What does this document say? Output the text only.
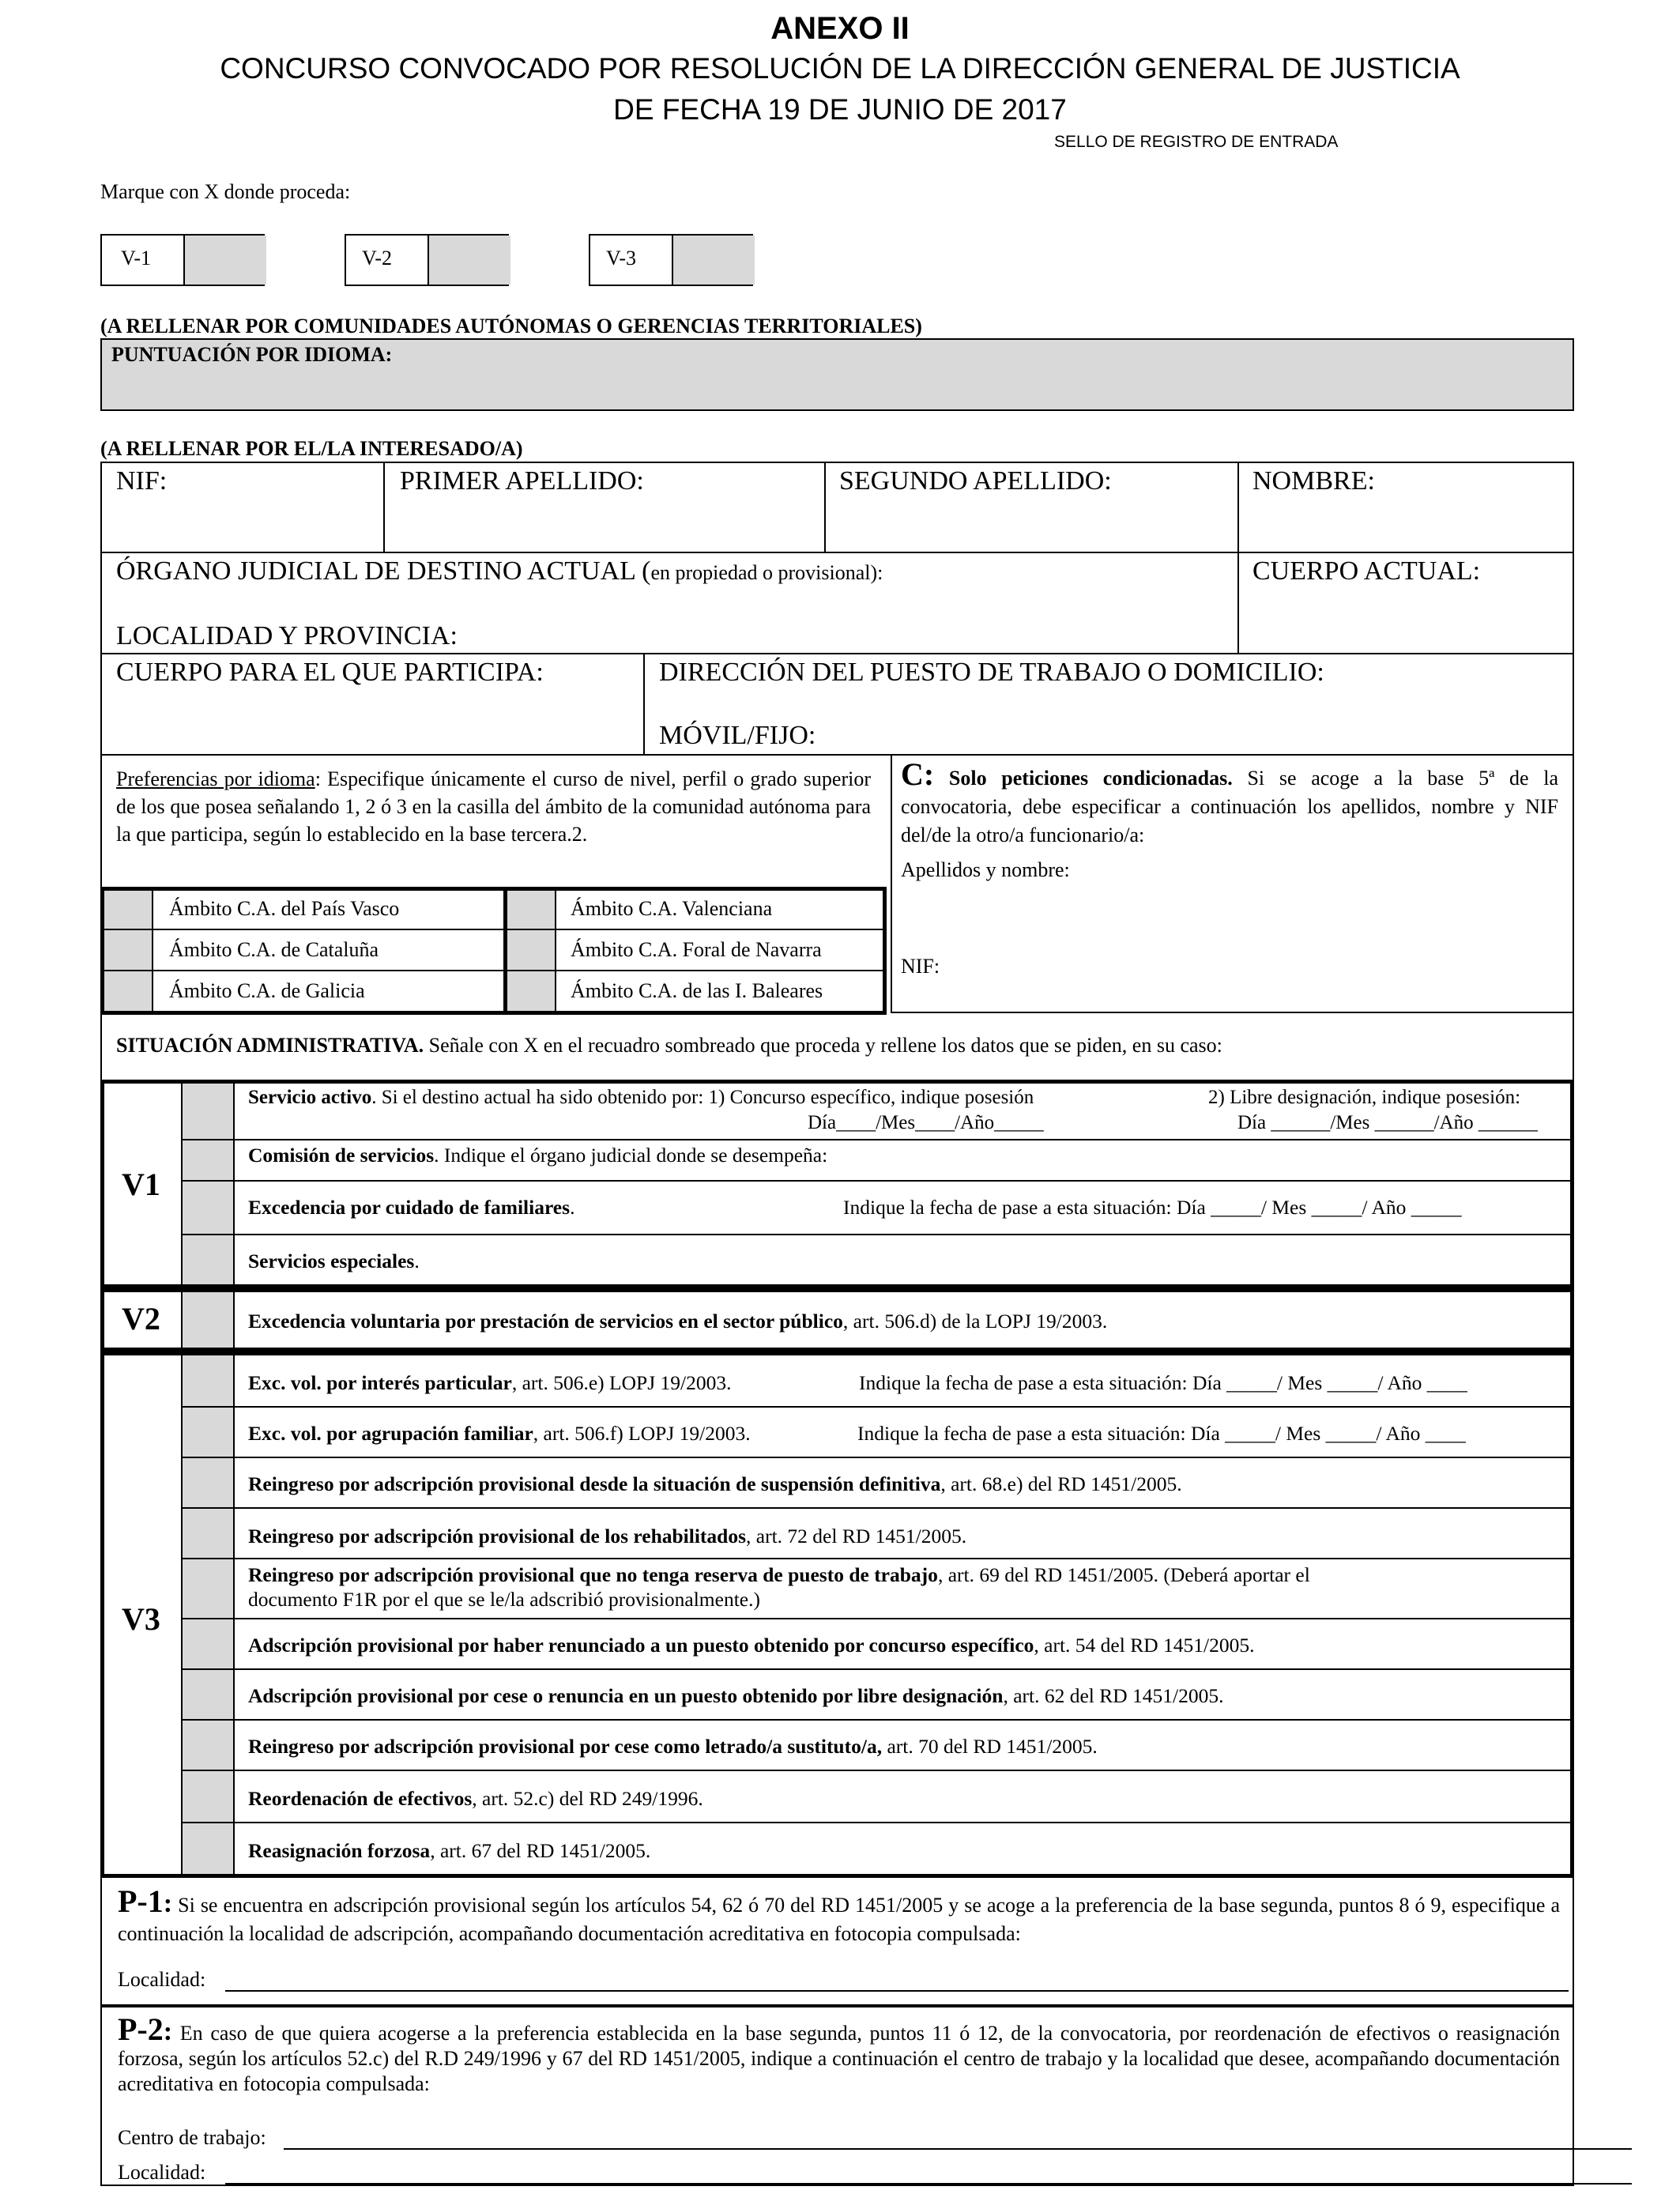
ANEXO II
CONCURSO CONVOCADO POR RESOLUCIÓN DE LA DIRECCIÓN GENERAL DE JUSTICIA
DE FECHA 19 DE JUNIO DE 2017
SELLO DE REGISTRO DE ENTRADA
Marque con X donde proceda:
V-1	V-2	V-3
(A RELLENAR POR COMUNIDADES AUTÓNOMAS O GERENCIAS TERRITORIALES)
PUNTUACIÓN POR IDIOMA:
(A RELLENAR POR EL/LA INTERESADO/A)
NIF:	PRIMER APELLIDO:	SEGUNDO APELLIDO:	NOMBRE:
ÓRGANO JUDICIAL DE DESTINO ACTUAL (en propiedad o provisional):	CUERPO ACTUAL:
LOCALIDAD Y PROVINCIA:
CUERPO PARA EL QUE PARTICIPA:	DIRECCIÓN DEL PUESTO DE TRABAJO O DOMICILIO:
MÓVIL/FIJO:
Preferencias por idioma: Especifique únicamente el curso de nivel, perfil o grado superior de los que posea señalando 1, 2 ó 3 en la casilla del ámbito de la comunidad autónoma para la que participa, según lo establecido en la base tercera.2.
Ámbito C.A. del País Vasco	Ámbito C.A. Valenciana
Ámbito C.A. de Cataluña	Ámbito C.A. Foral de Navarra
Ámbito C.A. de Galicia	Ámbito C.A. de las I. Baleares
C: Solo peticiones condicionadas. Si se acoge a la base 5ª de la convocatoria, debe especificar a continuación los apellidos, nombre y NIF del/de la otro/a funcionario/a:
Apellidos y nombre:
NIF:
SITUACIÓN ADMINISTRATIVA. Señale con X en el recuadro sombreado que proceda y rellene los datos que se piden, en su caso:
V1
Servicio activo. Si el destino actual ha sido obtenido por: 1) Concurso específico, indique posesión	2) Libre designación, indique posesión:
Día____/Mes____/Año_____	Día ______/Mes ______/Año ______
Comisión de servicios. Indique el órgano judicial donde se desempeña:
Excedencia por cuidado de familiares.	Indique la fecha de pase a esta situación: Día _____/ Mes _____/ Año _____
Servicios especiales.
V2	Excedencia voluntaria por prestación de servicios en el sector público, art. 506.d) de la LOPJ 19/2003.
V3
Exc. vol. por interés particular, art. 506.e) LOPJ 19/2003.	Indique la fecha de pase a esta situación: Día _____/ Mes _____/ Año ____
Exc. vol. por agrupación familiar, art. 506.f) LOPJ 19/2003.	Indique la fecha de pase a esta situación: Día _____/ Mes _____/ Año ____
Reingreso por adscripción provisional desde la situación de suspensión definitiva, art. 68.e) del RD 1451/2005.
Reingreso por adscripción provisional de los rehabilitados, art. 72 del RD 1451/2005.
Reingreso por adscripción provisional que no tenga reserva de puesto de trabajo, art. 69 del RD 1451/2005. (Deberá aportar el
documento F1R por el que se le/la adscribió provisionalmente.)
Adscripción provisional por haber renunciado a un puesto obtenido por concurso específico, art. 54 del RD 1451/2005.
Adscripción provisional por cese o renuncia en un puesto obtenido por libre designación, art. 62 del RD 1451/2005.
Reingreso por adscripción provisional por cese como letrado/a sustituto/a, art. 70 del RD 1451/2005.
Reordenación de efectivos, art. 52.c) del RD 249/1996.
Reasignación forzosa, art. 67 del RD 1451/2005.
P-1: Si se encuentra en adscripción provisional según los artículos 54, 62 ó 70 del RD 1451/2005 y se acoge a la preferencia de la base segunda, puntos 8 ó 9, especifique a continuación la localidad de adscripción, acompañando documentación acreditativa en fotocopia compulsada:
Localidad:
P-2: En caso de que quiera acogerse a la preferencia establecida en la base segunda, puntos 11 ó 12, de la convocatoria, por reordenación de efectivos o reasignación forzosa, según los artículos 52.c) del R.D 249/1996 y 67 del RD 1451/2005, indique a continuación el centro de trabajo y la localidad que desee, acompañando documentación acreditativa en fotocopia compulsada:
Centro de trabajo:
Localidad:
